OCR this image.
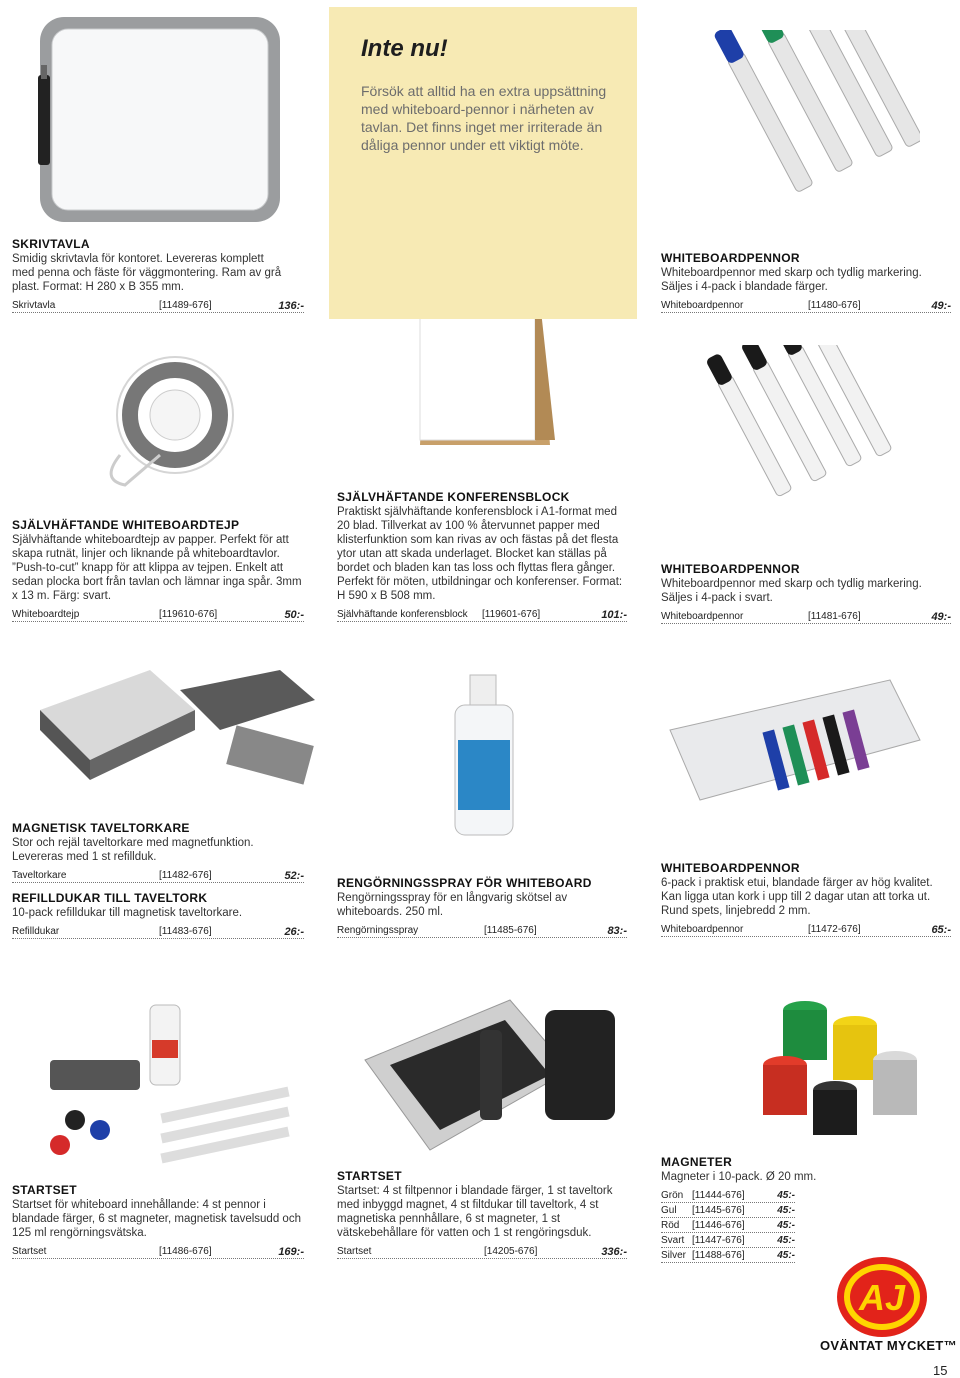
Inte nu!
Försök att alltid ha en extra uppsättning med whiteboard-pennor i närheten av tavlan. Det finns inget mer irriterade än dåliga pennor under ett viktigt möte.
SKRIVTAVLA
Smidig skrivtavla för kontoret. Levereras komplett med penna och fäste för väggmontering. Ram av grå plast. Format: H 280 x B 355 mm.
Skrivtavla	[11489-676]	136:-
WHITEBOARDPENNOR
Whiteboardpennor med skarp och tydlig markering. Säljes i 4-pack i blandade färger.
Whiteboardpennor	[11480-676]	49:-
SJÄLVHÄFTANDE WHITEBOARDTEJP
Självhäftande whiteboardtejp av papper. Perfekt för att skapa rutnät, linjer och liknande på whiteboardtavlor. ”Push-to-cut” knapp för att klippa av tejpen. Enkelt att sedan plocka bort från tavlan och lämnar inga spår. 3mm x 13 m. Färg: svart.
Whiteboardtejp	[119610-676]	50:-
SJÄLVHÄFTANDE KONFERENSBLOCK
Praktiskt självhäftande konferensblock i A1-format med 20 blad. Tillverkat av 100 % återvunnet papper med klisterfunktion som kan rivas av och fästas på det flesta ytor utan att skada underlaget. Blocket kan ställas på bordet och bladen kan tas loss och flyttas flera gånger. Perfekt för möten, utbildningar och konferenser. Format: H 590 x B 508 mm.
Självhäftande konferensblock [119601-676]	101:-
WHITEBOARDPENNOR
Whiteboardpennor med skarp och tydlig markering. Säljes i 4-pack i svart.
Whiteboardpennor	[11481-676]	49:-
MAGNETISK TAVELTORKARE
Stor och rejäl taveltorkare med magnetfunktion. Levereras med 1 st refillduk.
Taveltorkare	[11482-676]	52:-
REFILLDUKAR TILL TAVELTORK
10-pack refilldukar till magnetisk taveltorkare.
Refilldukar	[11483-676]	26:-
RENGÖRNINGSSPRAY FÖR WHITEBOARD
Rengörningsspray för en långvarig skötsel av whiteboards. 250 ml.
Rengörningsspray	[11485-676]	83:-
WHITEBOARDPENNOR
6-pack i praktisk etui, blandade färger av hög kvalitet. Kan ligga utan kork i upp till 2 dagar utan att torka ut. Rund spets, linjebredd 2 mm.
Whiteboardpennor	[11472-676]	65:-
STARTSET
Startset för whiteboard innehållande: 4 st pennor i blandade färger, 6 st magneter, magnetisk tavelsudd och 125 ml rengörningsvätska.
Startset	[11486-676]	169:-
STARTSET
Startset: 4 st filtpennor i blandade färger, 1 st taveltork med inbyggd magnet, 4 st filtdukar till taveltork, 4 st magnetiska pennhållare, 6 st magneter, 1 st vätskebehållare för vatten och 1 st rengöringsduk.
Startset	[14205-676]	336:-
MAGNETER
Magneter i 10-pack. Ø 20 mm.
Grön [11444-676]	45:-
Gul [11445-676]	45:-
Röd [11446-676]	45:-
Svart [11447-676]	45:-
Silver [11488-676]	45:-
AJ
OVÄNTAT MYCKET™
15
